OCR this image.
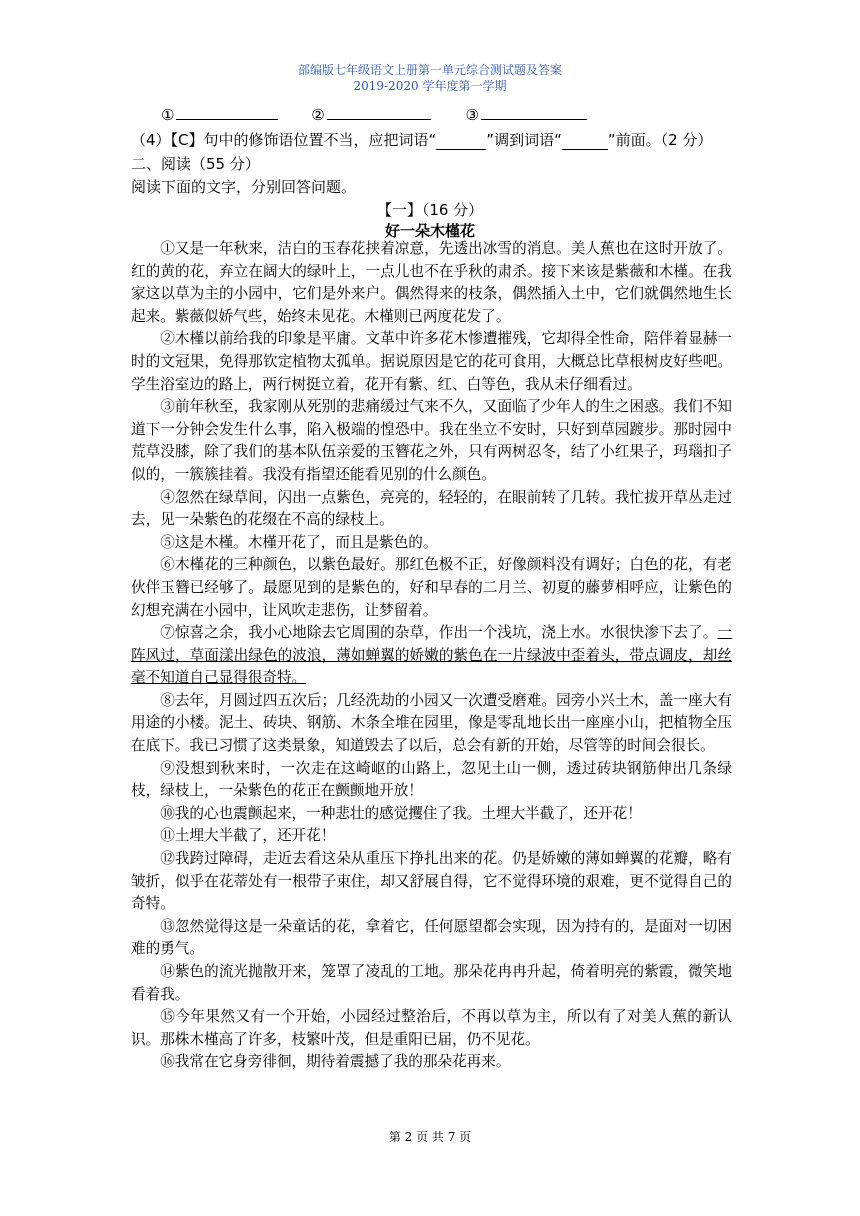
部编版七年级语文上册第一单元综合测试题及答案
2019-2020 学年度第一学期
①	②	③
（4）【C】句中的修饰语位置不当，应把词语“	”调到词语“	”前面。（2 分）
二、阅读（55 分）
阅读下面的文字，分别回答问题。
【一】（16 分）
好一朵木槿花

①又是一年秋来，洁白的玉春花挟着凉意，先透出冰雪的消息。美人蕉也在这时开放了。红的黄的花，弃立在阔大的绿叶上，一点儿也不在乎秋的肃杀。接下来该是紫薇和木槿。在我家这以草为主的小园中，它们是外来户。偶然得来的枝条，偶然插入土中，它们就偶然地生长起来。紫薇似娇气些，始终未见花。木槿则已两度花发了。

②木槿以前给我的印象是平庸。文革中许多花木惨遭摧残，它却得全性命，陪伴着显赫一时的文冠果，免得那钦定植物太孤单。据说原因是它的花可食用，大概总比草根树皮好些吧。学生浴室边的路上，两行树挺立着，花开有紫、红、白等色，我从未仔细看过。

③前年秋至，我家刚从死别的悲痛缓过气来不久，又面临了少年人的生之困惑。我们不知道下一分钟会发生什么事，陷入极端的惶恐中。我在坐立不安时，只好到草园踱步。那时园中荒草没膝，除了我们的基本队伍亲爱的玉簪花之外，只有两树忍冬，结了小红果子，玛瑙扣子似的，一簇簇挂着。我没有指望还能看见别的什么颜色。

④忽然在绿草间，闪出一点紫色，亮亮的，轻轻的，在眼前转了几转。我忙拔开草丛走过去，见一朵紫色的花缀在不高的绿枝上。

⑤这是木槿。木槿开花了，而且是紫色的。

⑥木槿花的三种颜色，以紫色最好。那红色极不正，好像颜料没有调好；白色的花，有老伙伴玉簪已经够了。最愿见到的是紫色的，好和早春的二月兰、初夏的藤萝相呼应，让紫色的幻想充满在小园中，让风吹走悲伤，让梦留着。

⑦惊喜之余，我小心地除去它周围的杂草，作出一个浅坑，浇上水。水很快渗下去了。一阵风过，草面漾出绿色的波浪，薄如蝉翼的娇嫩的紫色在一片绿波中歪着头，带点调皮，却丝毫不知道自己显得很奇特。

⑧去年，月圆过四五次后；几经洗劫的小园又一次遭受磨难。园旁小兴土木，盖一座大有用途的小楼。泥土、砖块、钢筋、木条全堆在园里，像是零乱地长出一座座小山，把植物全压在底下。我已习惯了这类景象，知道毁去了以后，总会有新的开始，尽管等的时间会很长。

⑨没想到秋来时，一次走在这崎岖的山路上，忽见土山一侧，透过砖块钢筋伸出几条绿枝，绿枝上，一朵紫色的花正在颤颤地开放！

⑩我的心也震颤起来，一种悲壮的感觉攫住了我。土埋大半截了，还开花！

⑪土埋大半截了，还开花！

⑫我跨过障碍，走近去看这朵从重压下挣扎出来的花。仍是娇嫩的薄如蝉翼的花瓣，略有皱折，似乎在花蒂处有一根带子束住，却又舒展自得，它不觉得环境的艰难，更不觉得自己的奇特。

⑬忽然觉得这是一朵童话的花，拿着它，任何愿望都会实现，因为持有的，是面对一切困难的勇气。

⑭紫色的流光抛散开来，笼罩了凌乱的工地。那朵花冉冉升起，倚着明亮的紫霞，微笑地看着我。

⑮今年果然又有一个开始，小园经过整治后，不再以草为主，所以有了对美人蕉的新认识。那株木槿高了许多，枝繁叶茂，但是重阳已届，仍不见花。

⑯我常在它身旁徘徊，期待着震撼了我的那朵花再来。

第 2 页 共 7 页
